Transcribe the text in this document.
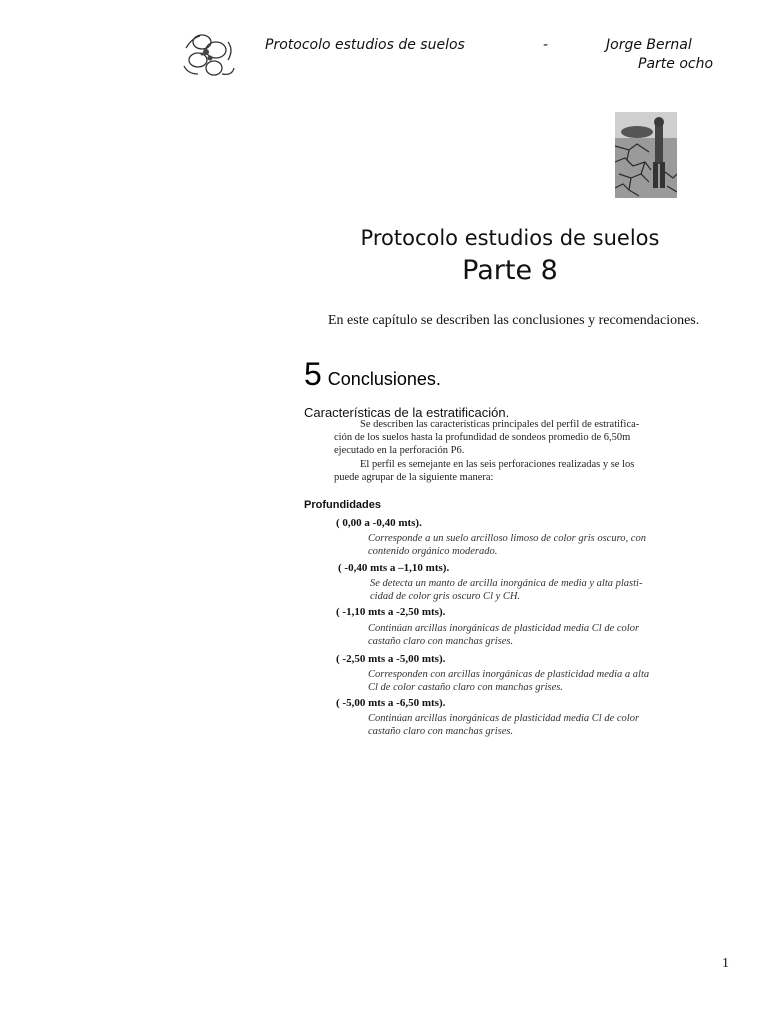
Protocolo estudios de suelos	-	Jorge Bernal
Parte ocho
Protocolo estudios de suelos
Parte 8
En este capítulo se describen las conclusiones y recomendaciones.
5 Conclusiones.
Características de la estratificación.
Se describen las características principales del perfil de estratifica-
ción de los suelos hasta la profundidad de sondeos promedio de 6,50m
ejecutado en la perforación P6.
El perfil es semejante en las seis perforaciones realizadas y se los
puede agrupar de la siguiente manera:
Profundidades
( 0,00 a -0,40 mts).
Corresponde a un suelo arcilloso limoso de color gris oscuro, con
contenido orgánico moderado.
( -0,40 mts a –1,10 mts).
Se detecta un manto de arcilla inorgánica de media y alta plasti-
cidad de color gris oscuro Cl y CH.
( -1,10 mts a -2,50 mts).
Continúan arcillas inorgánicas de plasticidad media Cl de color
castaño claro con manchas grises.
( -2,50 mts a -5,00 mts).
Corresponden con arcillas inorgánicas de plasticidad media a alta
Cl de color castaño claro con manchas grises.
( -5,00 mts a -6,50 mts).
Continúan arcillas inorgánicas de plasticidad media Cl de color
castaño claro con manchas grises.
1
